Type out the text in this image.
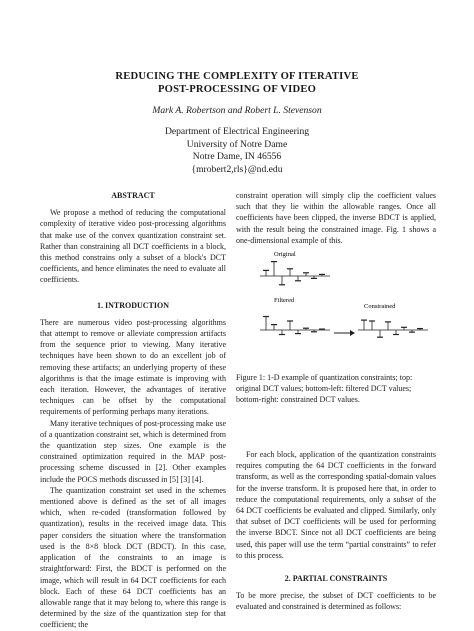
REDUCING THE COMPLEXITY OF ITERATIVE
POST-PROCESSING OF VIDEO
Mark A. Robertson and Robert L. Stevenson
Department of Electrical Engineering
University of Notre Dame
Notre Dame, IN 46556
{mrobert2,rls}@nd.edu
ABSTRACT

We propose a method of reducing the computational complexity of iterative video post-processing algorithms that make use of the convex quantization constraint set. Rather than constraining all DCT coefficients in a block, this method constrains only a subset of a block's DCT coefficients, and hence eliminates the need to evaluate all coefficients.

1. INTRODUCTION

There are numerous video post-processing algorithms that attempt to remove or alleviate compression artifacts from the sequence prior to viewing. Many iterative techniques have been shown to do an excellent job of removing these artifacts; an underlying property of these algorithms is that the image estimate is improving with each iteration. However, the advantages of iterative techniques can be offset by the computational requirements of performing perhaps many iterations.

Many iterative techniques of post-processing make use of a quantization constraint set, which is determined from the quantization step sizes. One example is the constrained optimization required in the MAP post-processing scheme discussed in [2]. Other examples include the POCS methods discussed in [5] [3] [4].

The quantization constraint set used in the schemes mentioned above is defined as the set of all images which, when re-coded (transformation followed by quantization), results in the received image data. This paper considers the situation where the transformation used is the 8×8 block DCT (BDCT). In this case, application of the constraints to an image is straightforward: First, the BDCT is performed on the image, which will result in 64 DCT coefficients for each block. Each of these 64 DCT coefficients has an allowable range that it may belong to, where this range is determined by the size of the quantization step for that coefficient; the

constraint operation will simply clip the coefficient values such that they lie within the allowable ranges. Once all coefficients have been clipped, the inverse BDCT is applied, with the result being the constrained image. Fig. 1 shows a one-dimensional example of this.

Original
Filtered
Constrained
Figure 1: 1-D example of quantization constraints; top: original DCT values; bottom-left: filtered DCT values; bottom-right: constrained DCT values.

For each block, application of the quantization constraints requires computing the 64 DCT coefficients in the forward transform, as well as the corresponding spatial-domain values for the inverse transform. It is proposed here that, in order to reduce the computational requirements, only a subset of the 64 DCT coefficients be evaluated and clipped. Similarly, only that subset of DCT coefficients will be used for performing the inverse BDCT. Since not all DCT coefficients are being used, this paper will use the term “partial constraints” to refer to this process.

2. PARTIAL CONSTRAINTS

To be more precise, the subset of DCT coefficients to be evaluated and constrained is determined as follows:
